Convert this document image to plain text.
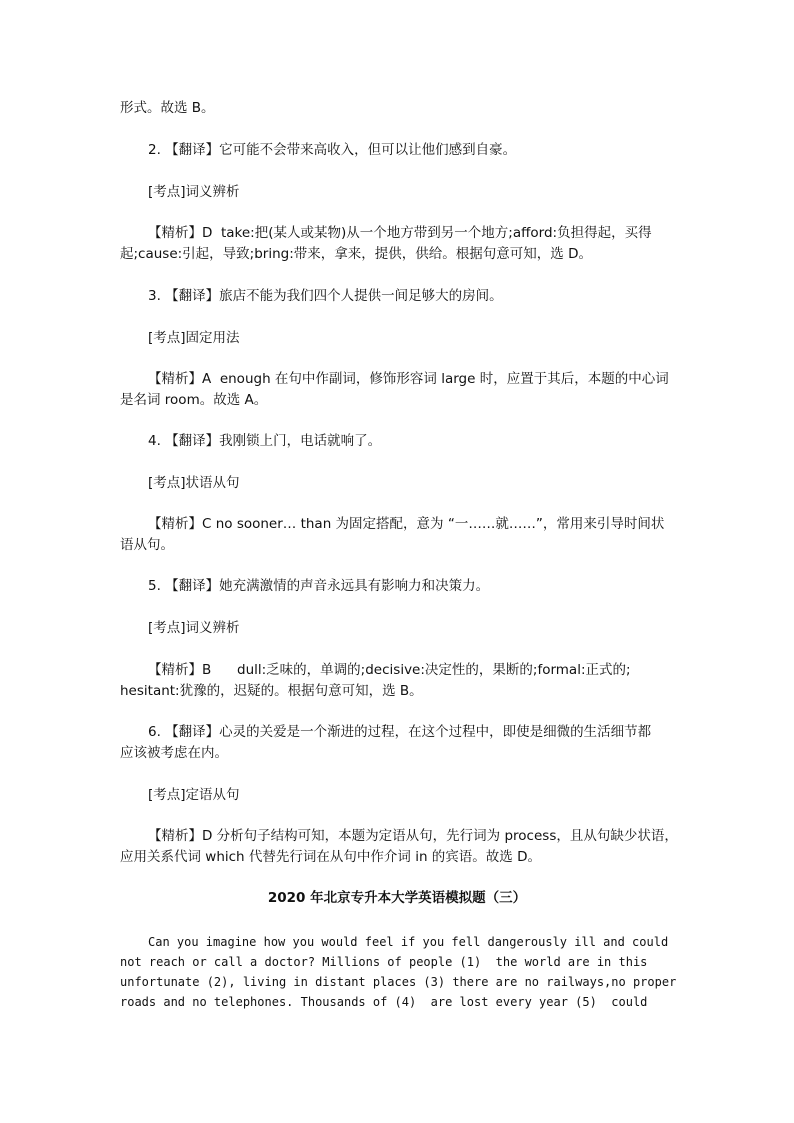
形式。故选 B。
2. 【翻译】它可能不会带来高收入，但可以让他们感到自豪。
[考点]词义辨析
【精析】D  take:把(某人或某物)从一个地方带到另一个地方;afford:负担得起，买得
起;cause:引起，导致;bring:带来，拿来，提供，供给。根据句意可知，选 D。
3. 【翻译】旅店不能为我们四个人提供一间足够大的房间。
[考点]固定用法
【精析】A  enough 在句中作副词，修饰形容词 large 时，应置于其后，本题的中心词
是名词 room。故选 A。
4. 【翻译】我刚锁上门，电话就响了。
[考点]状语从句
【精析】C no sooner… than 为固定搭配，意为 “一……就……”，常用来引导时间状
语从句。
5. 【翻译】她充满激情的声音永远具有影响力和决策力。
[考点]词义辨析
【精析】B      dull:乏味的，单调的;decisive:决定性的，果断的;formal:正式的;
hesitant:犹豫的，迟疑的。根据句意可知，选 B。
6. 【翻译】心灵的关爱是一个渐进的过程，在这个过程中，即使是细微的生活细节都
应该被考虑在内。
[考点]定语从句
【精析】D 分析句子结构可知，本题为定语从句，先行词为 process，且从句缺少状语，
应用关系代词 which 代替先行词在从句中作介词 in 的宾语。故选 D。
2020 年北京专升本大学英语模拟题（三）
Can you imagine how you would feel if you fell dangerously ill and could
not reach or call a doctor? Millions of people (1)  the world are in this
unfortunate (2), living in distant places (3) there are no railways,no proper
roads and no telephones. Thousands of (4)  are lost every year (5)  could
